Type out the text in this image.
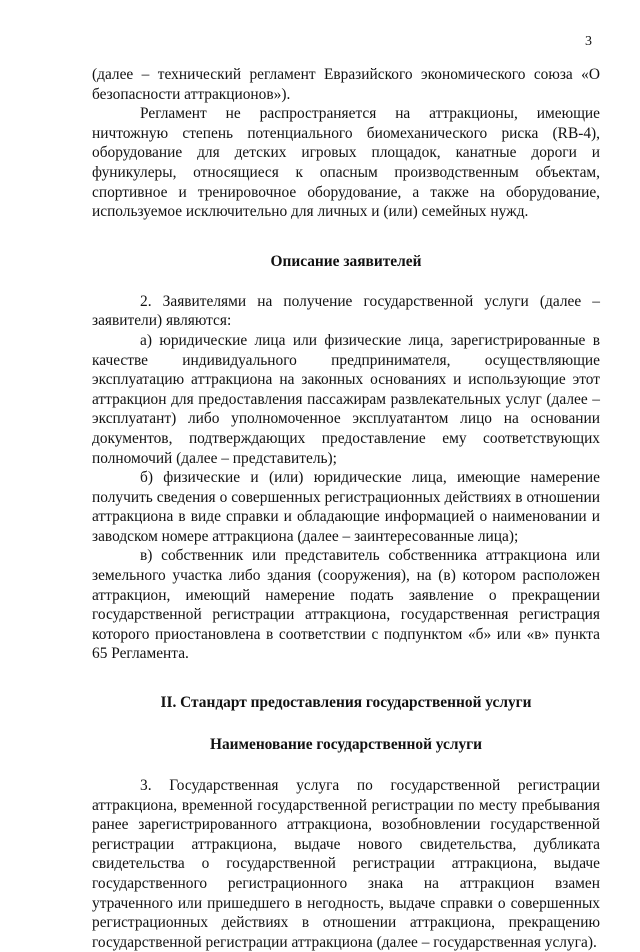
3

(далее – технический регламент Евразийского экономического союза «О безопасности аттракционов»).

Регламент не распространяется на аттракционы, имеющие ничтожную степень потенциального биомеханического риска (RB-4), оборудование для детских игровых площадок, канатные дороги и фуникулеры, относящиеся к опасным производственным объектам, спортивное и тренировочное оборудование, а также на оборудование, используемое исключительно для личных и (или) семейных нужд.

Описание заявителей

2. Заявителями на получение государственной услуги (далее – заявители) являются:

а) юридические лица или физические лица, зарегистрированные в качестве индивидуального предпринимателя, осуществляющие эксплуатацию аттракциона на законных основаниях и использующие этот аттракцион для предоставления пассажирам развлекательных услуг (далее – эксплуатант) либо уполномоченное эксплуатантом лицо на основании документов, подтверждающих предоставление ему соответствующих полномочий (далее – представитель);

б) физические и (или) юридические лица, имеющие намерение получить сведения о совершенных регистрационных действиях в отношении аттракциона в виде справки и обладающие информацией о наименовании и заводском номере аттракциона (далее – заинтересованные лица);

в) собственник или представитель собственника аттракциона или земельного участка либо здания (сооружения), на (в) котором расположен аттракцион, имеющий намерение подать заявление о прекращении государственной регистрации аттракциона, государственная регистрация которого приостановлена в соответствии с подпунктом «б» или «в» пункта 65 Регламента.

II. Стандарт предоставления государственной услуги
Наименование государственной услуги

3. Государственная услуга по государственной регистрации аттракциона, временной государственной регистрации по месту пребывания ранее зарегистрированного аттракциона, возобновлении государственной регистрации аттракциона, выдаче нового свидетельства, дубликата свидетельства о государственной регистрации аттракциона, выдаче государственного регистрационного знака на аттракцион взамен утраченного или пришедшего в негодность, выдаче справки о совершенных регистрационных действиях в отношении аттракциона, прекращению государственной регистрации аттракциона (далее – государственная услуга).
